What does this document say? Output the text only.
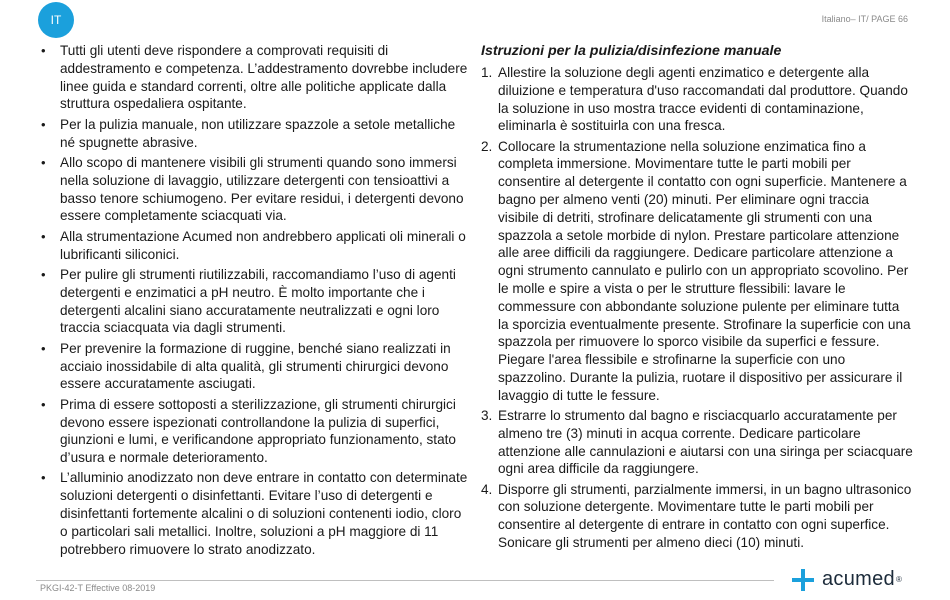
IT	Italiano– IT/ PAGE 66
• Tutti gli utenti deve rispondere a comprovati requisiti di addestramento e competenza. L’addestramento dovrebbe includere linee guida e standard correnti, oltre alle politiche applicate dalla struttura ospedaliera ospitante.
• Per la pulizia manuale, non utilizzare spazzole a setole metalliche né spugnette abrasive.
• Allo scopo di mantenere visibili gli strumenti quando sono immersi nella soluzione di lavaggio, utilizzare detergenti con tensioattivi a basso tenore schiumogeno. Per evitare residui, i detergenti devono essere completamente sciacquati via.
• Alla strumentazione Acumed non andrebbero applicati oli minerali o lubrificanti siliconici.
• Per pulire gli strumenti riutilizzabili, raccomandiamo l’uso di agenti detergenti e enzimatici a pH neutro. È molto importante che i detergenti alcalini siano accuratamente neutralizzati e ogni loro traccia sciacquata via dagli strumenti.
• Per prevenire la formazione di ruggine, benché siano realizzati in acciaio inossidabile di alta qualità, gli strumenti chirurgici devono essere accuratamente asciugati.
• Prima di essere sottoposti a sterilizzazione, gli strumenti chirurgici devono essere ispezionati controllandone la pulizia di superfici, giunzioni e lumi, e verificandone appropriato funzionamento, stato d’usura e normale deterioramento.
• L’alluminio anodizzato non deve entrare in contatto con determinate soluzioni detergenti o disinfettanti. Evitare l’uso di detergenti e disinfettanti fortemente alcalini o di soluzioni contenenti iodio, cloro o particolari sali metallici. Inoltre, soluzioni a pH maggiore di 11 potrebbero rimuovere lo strato anodizzato.
Istruzioni per la pulizia/disinfezione manuale
1. Allestire la soluzione degli agenti enzimatico e detergente alla diluizione e temperatura d'uso raccomandati dal produttore. Quando la soluzione in uso mostra tracce evidenti di contaminazione, eliminarla è sostituirla con una fresca.
2. Collocare la strumentazione nella soluzione enzimatica fino a completa immersione. Movimentare tutte le parti mobili per consentire al detergente il contatto con ogni superficie. Mantenere a bagno per almeno venti (20) minuti. Per eliminare ogni traccia visibile di detriti, strofinare delicatamente gli strumenti con una spazzola a setole morbide di nylon. Prestare particolare attenzione alle aree difficili da raggiungere. Dedicare particolare attenzione a ogni strumento cannulato e pulirlo con un appropriato scovolino. Per le molle e spire a vista o per le strutture flessibili: lavare le commessure con abbondante soluzione pulente per eliminare tutta la sporcizia eventualmente presente. Strofinare la superficie con una spazzola per rimuovere lo sporco visibile da superfici e fessure. Piegare l'area flessibile e strofinarne la superficie con uno spazzolino. Durante la pulizia, ruotare il dispositivo per assicurare il lavaggio di tutte le fessure.
3. Estrarre lo strumento dal bagno e risciacquarlo accuratamente per almeno tre (3) minuti in acqua corrente. Dedicare particolare attenzione alle cannulazioni e aiutarsi con una siringa per sciacquare ogni area difficile da raggiungere.
4. Disporre gli strumenti, parzialmente immersi, in un bagno ultrasonico con soluzione detergente. Movimentare tutte le parti mobili per consentire al detergente di entrare in contatto con ogni superfice. Sonicare gli strumenti per almeno dieci (10) minuti.
PKGI-42-T Effective 08-2019	acumed ®
